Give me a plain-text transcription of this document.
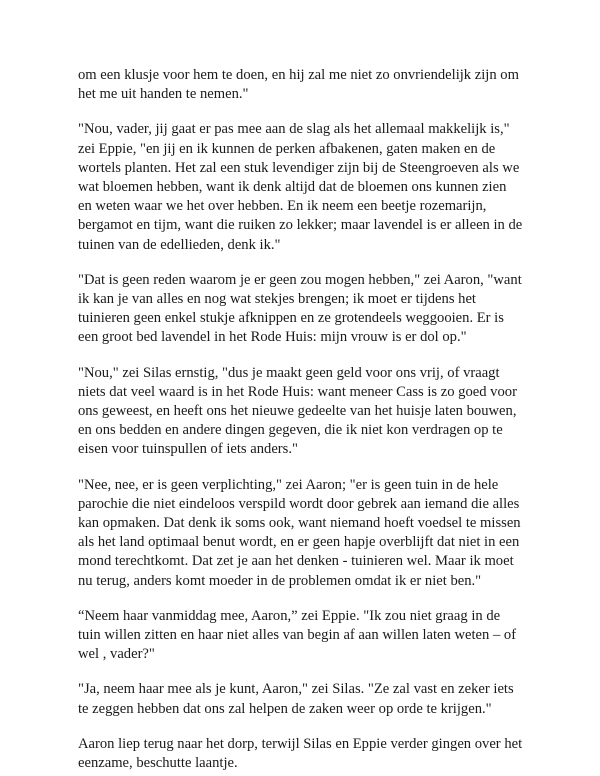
om een klusje voor hem te doen, en hij zal me niet zo onvriendelijk zijn om
het me uit handen te nemen."

"Nou, vader, jij gaat er pas mee aan de slag als het allemaal makkelijk is,"
zei Eppie, "en jij en ik kunnen de perken afbakenen, gaten maken en de
wortels planten. Het zal een stuk levendiger zijn bij de Steengroeven als we
wat bloemen hebben, want ik denk altijd dat de bloemen ons kunnen zien
en weten waar we het over hebben. En ik neem een beetje rozemarijn,
bergamot en tijm, want die ruiken zo lekker; maar lavendel is er alleen in de
tuinen van de edellieden, denk ik."

"Dat is geen reden waarom je er geen zou mogen hebben," zei Aaron, "want
ik kan je van alles en nog wat stekjes brengen; ik moet er tijdens het
tuinieren geen enkel stukje afknippen en ze grotendeels weggooien. Er is
een groot bed lavendel in het Rode Huis: mijn vrouw is er dol op."

"Nou," zei Silas ernstig, "dus je maakt geen geld voor ons vrij, of vraagt
niets dat veel waard is in het Rode Huis: want meneer Cass is zo goed voor
ons geweest, en heeft ons het nieuwe gedeelte van het huisje laten bouwen,
en ons bedden en andere dingen gegeven, die ik niet kon verdragen op te
eisen voor tuinspullen of iets anders."

"Nee, nee, er is geen verplichting," zei Aaron; "er is geen tuin in de hele
parochie die niet eindeloos verspild wordt door gebrek aan iemand die alles
kan opmaken. Dat denk ik soms ook, want niemand hoeft voedsel te missen
als het land optimaal benut wordt, en er geen hapje overblijft dat niet in een
mond terechtkomt. Dat zet je aan het denken - tuinieren wel. Maar ik moet
nu terug, anders komt moeder in de problemen omdat ik er niet ben."

“Neem haar vanmiddag mee, Aaron,” zei Eppie. "Ik zou niet graag in de
tuin willen zitten en haar niet alles van begin af aan willen laten weten – of
wel , vader?"

"Ja, neem haar mee als je kunt, Aaron," zei Silas. "Ze zal vast en zeker iets
te zeggen hebben dat ons zal helpen de zaken weer op orde te krijgen."

Aaron liep terug naar het dorp, terwijl Silas en Eppie verder gingen over het
eenzame, beschutte laantje.
